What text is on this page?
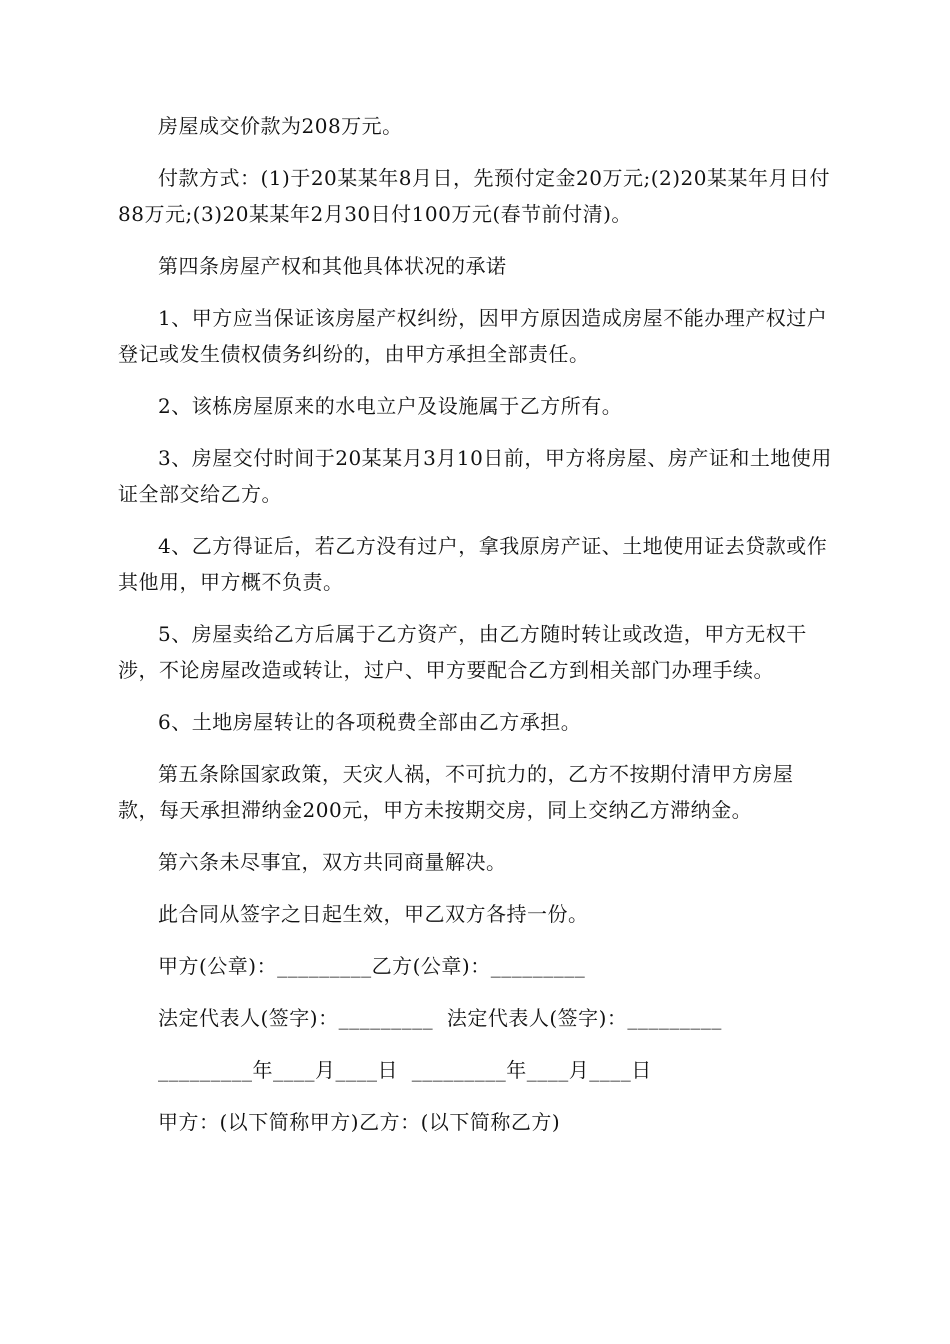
房屋成交价款为208万元。

付款方式：(1)于20某某年8月日，先预付定金20万元;(2)20某某年月日付88万元;(3)20某某年2月30日付100万元(春节前付清)。

第四条房屋产权和其他具体状况的承诺

1、甲方应当保证该房屋产权纠纷，因甲方原因造成房屋不能办理产权过户登记或发生债权债务纠纷的，由甲方承担全部责任。

2、该栋房屋原来的水电立户及设施属于乙方所有。

3、房屋交付时间于20某某月3月10日前，甲方将房屋、房产证和土地使用证全部交给乙方。

4、乙方得证后，若乙方没有过户，拿我原房产证、土地使用证去贷款或作其他用，甲方概不负责。

5、房屋卖给乙方后属于乙方资产，由乙方随时转让或改造，甲方无权干涉，不论房屋改造或转让，过户、甲方要配合乙方到相关部门办理手续。

6、土地房屋转让的各项税费全部由乙方承担。

第五条除国家政策，天灾人祸，不可抗力的，乙方不按期付清甲方房屋款，每天承担滞纳金200元，甲方未按期交房，同上交纳乙方滞纳金。

第六条未尽事宜，双方共同商量解决。

此合同从签字之日起生效，甲乙双方各持一份。

甲方(公章)：_________乙方(公章)：_________

法定代表人(签字)：_________  法定代表人(签字)：_________

_________年____月____日  _________年____月____日

甲方：(以下简称甲方)乙方：(以下简称乙方)
